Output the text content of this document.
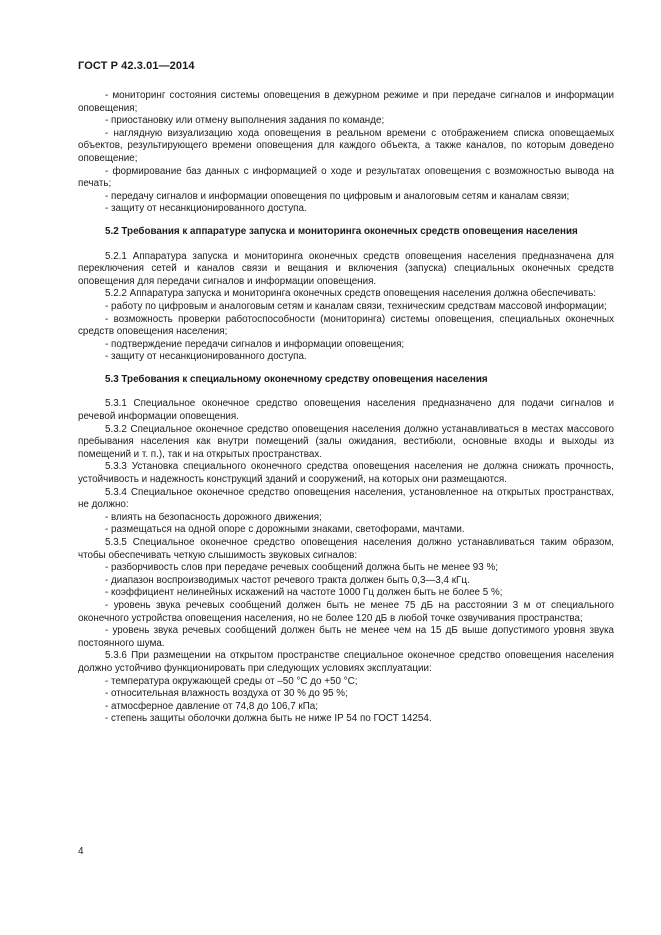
ГОСТ Р 42.3.01—2014

- мониторинг состояния системы оповещения в дежурном режиме и при передаче сигналов и информации оповещения;

- приостановку или отмену выполнения задания по команде;

- наглядную визуализацию хода оповещения в реальном времени с отображением списка оповещаемых объектов, результирующего времени оповещения для каждого объекта, а также каналов, по которым доведено оповещение;

- формирование баз данных с информацией о ходе и результатах оповещения с возможностью вывода на печать;

- передачу сигналов и информации оповещения по цифровым и аналоговым сетям и каналам связи;

- защиту от несанкционированного доступа.

5.2 Требования к аппаратуре запуска и мониторинга оконечных средств оповещения населения

5.2.1 Аппаратура запуска и мониторинга оконечных средств оповещения населения предназначена для переключения сетей и каналов связи и вещания и включения (запуска) специальных оконечных средств оповещения для передачи сигналов и информации оповещения.

5.2.2 Аппаратура запуска и мониторинга оконечных средств оповещения населения должна обеспечивать:

- работу по цифровым и аналоговым сетям и каналам связи, техническим средствам массовой информации;

- возможность проверки работоспособности (мониторинга) системы оповещения, специальных оконечных средств оповещения населения;

- подтверждение передачи сигналов и информации оповещения;

- защиту от несанкционированного доступа.

5.3 Требования к специальному оконечному средству оповещения населения

5.3.1 Специальное оконечное средство оповещения населения предназначено для подачи сигналов и речевой информации оповещения.

5.3.2 Специальное оконечное средство оповещения населения должно устанавливаться в местах массового пребывания населения как внутри помещений (залы ожидания, вестибюли, основные входы и выходы из помещений и т. п.), так и на открытых пространствах.

5.3.3 Установка специального оконечного средства оповещения населения не должна снижать прочность, устойчивость и надежность конструкций зданий и сооружений, на которых они размещаются.

5.3.4 Специальное оконечное средство оповещения населения, установленное на открытых пространствах, не должно:

- влиять на безопасность дорожного движения;

- размещаться на одной опоре с дорожными знаками, светофорами, мачтами.

5.3.5 Специальное оконечное средство оповещения населения должно устанавливаться таким образом, чтобы обеспечивать четкую слышимость звуковых сигналов:

- разборчивость слов при передаче речевых сообщений должна быть не менее 93 %;

- диапазон воспроизводимых частот речевого тракта должен быть 0,3—3,4 кГц.

- коэффициент нелинейных искажений на частоте 1000 Гц должен быть не более 5 %;

- уровень звука речевых сообщений должен быть не менее 75 дБ на расстоянии 3 м от специального оконечного устройства оповещения населения, но не более 120 дБ в любой точке озвучивания пространства;

- уровень звука речевых сообщений должен быть не менее чем на 15 дБ выше допустимого уровня звука постоянного шума.

5.3.6 При размещении на открытом пространстве специальное оконечное средство оповещения населения должно устойчиво функционировать при следующих условиях эксплуатации:

- температура окружающей среды от –50 °С до +50 °С;

- относительная влажность воздуха от 30 % до 95 %;

- атмосферное давление от 74,8 до 106,7 кПа;

- степень защиты оболочки должна быть не ниже IP 54 по ГОСТ 14254.

4
